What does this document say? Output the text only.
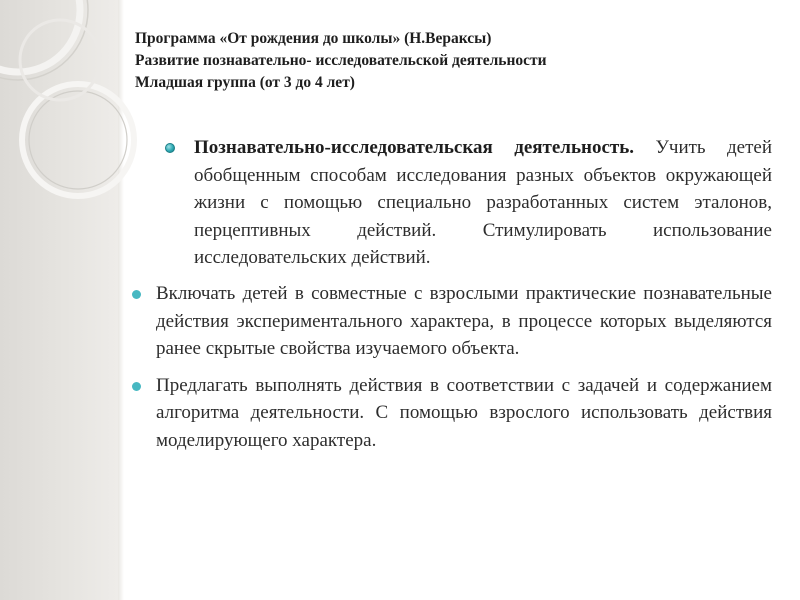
Программа «От рождения до школы» (Н.Вераксы)
Развитие познавательно- исследовательской деятельности
Младшая группа (от 3 до 4 лет)

Познавательно-исследовательская деятельность. Учить детей обобщенным способам исследования разных объектов окружающей жизни с помощью специально разработанных систем эталонов, перцептивных действий. Стимулировать использование исследовательских действий.

Включать детей в совместные с взрослыми практические познавательные действия экспериментального характера, в процессе которых выделяются ранее скрытые свойства изучаемого объекта.

Предлагать выполнять действия в соответствии с задачей и содержанием алгоритма деятельности. С помощью взрослого использовать действия моделирующего характера.
